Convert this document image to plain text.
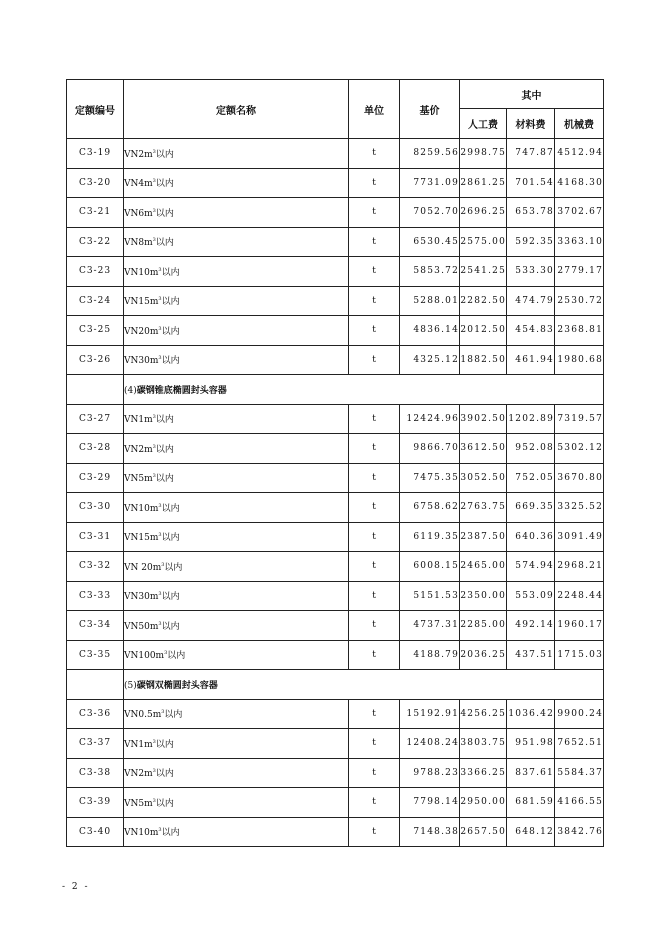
定额编号	定额名称	单位	基价	其中		
				人工费	材料费	机械费
C3-19	$VN2m^3$以内	t	8259.56	2998.75	747.87	4512.94
C3-20	$VN4m^3$以内	t	7731.09	2861.25	701.54	4168.30
C3-21	$VN6m^3$以内	t	7052.70	2696.25	653.78	3702.67
C3-22	$VN8m^3$以内	t	6530.45	2575.00	592.35	3363.10
C3-23	$VN10m^3$以内	t	5853.72	2541.25	533.30	2779.17
C3-24	$VN15m^3$以内	t	5288.01	2282.50	474.79	2530.72
C3-25	$VN20m^3$以内	t	4836.14	2012.50	454.83	2368.81
C3-26	$VN30m^3$以内	t	4325.12	1882.50	461.94	1980.68
	(4)碳钢锥底椭圆封头容器					
C3-27	$VN1m^3$以内	t	12424.96	3902.50	1202.89	7319.57
C3-28	$VN2m^3$以内	t	9866.70	3612.50	952.08	5302.12
C3-29	$VN5m^3$以内	t	7475.35	3052.50	752.05	3670.80
C3-30	$VN10m^3$以内	t	6758.62	2763.75	669.35	3325.52
C3-31	$VN15m^3$以内	t	6119.35	2387.50	640.36	3091.49
C3-32	VN $20m^3$以内	t	6008.15	2465.00	574.94	2968.21
C3-33	$VN30m^3$以内	t	5151.53	2350.00	553.09	2248.44
C3-34	$VN50m^3$以内	t	4737.31	2285.00	492.14	1960.17
C3-35	$VN100m^3$以内	t	4188.79	2036.25	437.51	1715.03
	(5)碳钢双椭圆封头容器					
C3-36	$VN0.5m^3$以内	t	15192.91	4256.25	1036.42	9900.24
C3-37	$VN1m^3$以内	t	12408.24	3803.75	951.98	7652.51
C3-38	$VN2m^3$以内	t	9788.23	3366.25	837.61	5584.37
C3-39	$VN5m^3$以内	t	7798.14	2950.00	681.59	4166.55
C3-40	$VN10m^3$以内	t	7148.38	2657.50	648.12	3842.76
- 2 -
